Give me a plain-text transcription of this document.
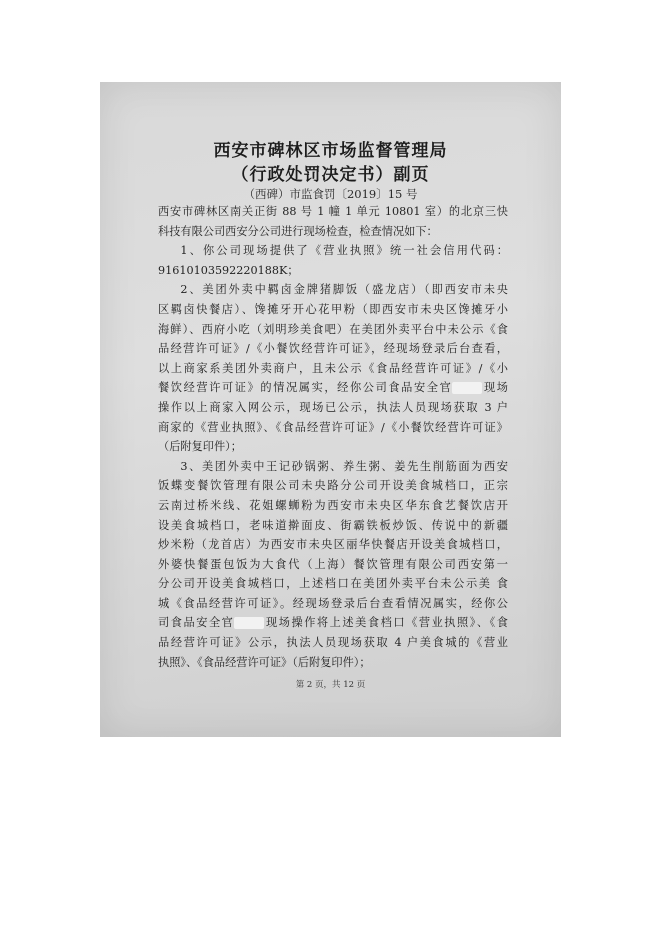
西安市碑林区市场监督管理局
（行政处罚决定书）副页
（西碑）市监食罚〔2019〕15 号

西安市碑林区南关正街 88 号 1 幢 1 单元 10801 室）的北京三快

科技有限公司西安分公司进行现场检查，检查情况如下：

1、你公司现场提供了《营业执照》统一社会信用代码：

91610103592220188K；

2、美团外卖中羁卤金牌猪脚饭（盛龙店）（即西安市未央

区羁卤快餐店）、馋摊牙开心花甲粉（即西安市未央区馋摊牙小

海鲜）、西府小吃（刘明珍美食吧）在美团外卖平台中未公示《食

品经营许可证》/《小餐饮经营许可证》，经现场登录后台查看，

以上商家系美团外卖商户，且未公示《食品经营许可证》/《小

餐饮经营许可证》的情况属实，经你公司食品安全官	现场

操作以上商家入网公示，现场已公示，执法人员现场获取 3 户

商家的《营业执照》、《食品经营许可证》/《小餐饮经营许可证》

（后附复印件）；

3、美团外卖中王记砂锅粥、养生粥、姜先生削筋面为西安

饭蝶变餐饮管理有限公司未央路分公司开设美食城档口，正宗

云南过桥米线、花姐螺蛳粉为西安市未央区华东食艺餐饮店开

设美食城档口，老味道擀面皮、街霸铁板炒饭、传说中的新疆

炒米粉（龙首店）为西安市未央区丽华快餐店开设美食城档口，

外婆快餐蛋包饭为大食代（上海）餐饮管理有限公司西安第一

分公司开设美食城档口，上述档口在美团外卖平台未公示美 食

城《食品经营许可证》。经现场登录后台查看情况属实，经你公

司食品安全官	现场操作将上述美食档口《营业执照》、《食

品经营许可证》公示，执法人员现场获取 4 户美食城的《营业

执照》、《食品经营许可证》（后附复印件）；

第 2 页，共 12 页
